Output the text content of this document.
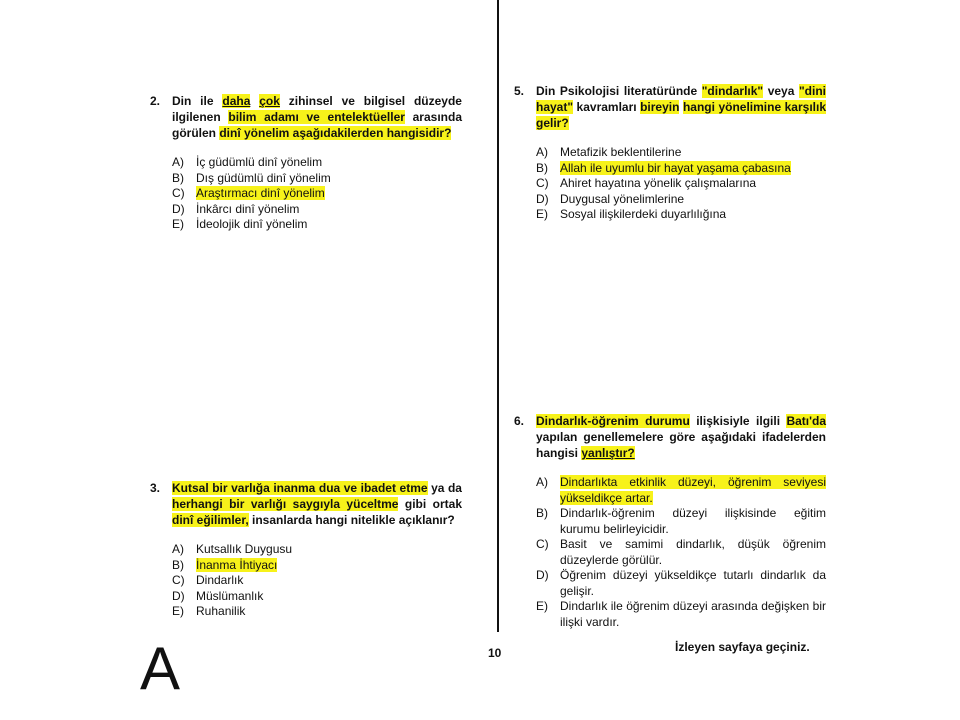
2. Din ile daha çok zihinsel ve bilgisel düzeyde ilgilenen bilim adamı ve entelektüeller arasında görülen dinî yönelim aşağıdakilerden hangisidir?
A) İç güdümlü dinî yönelim
B) Dış güdümlü dinî yönelim
C) Araştırmacı dinî yönelim
D) İnkârcı dinî yönelim
E) İdeolojik dinî yönelim
3. Kutsal bir varlığa inanma dua ve ibadet etme ya da herhangi bir varlığı saygıyla yüceltme gibi ortak dinî eğilimler, insanlarda hangi nitelikle açıklanır?
A) Kutsallık Duygusu
B) İnanma İhtiyacı
C) Dindarlık
D) Müslümanlık
E) Ruhanilik
5. Din Psikolojisi literatüründe "dindarlık" veya "dini hayat" kavramları bireyin hangi yönelimine karşılık gelir?
A) Metafizik beklentilerine
B) Allah ile uyumlu bir hayat yaşama çabasına
C) Ahiret hayatına yönelik çalışmalarına
D) Duygusal yönelimlerine
E) Sosyal ilişkilerdeki duyarlılığına
6. Dindarlık-öğrenim durumu ilişkisiyle ilgili Batı'da yapılan genellemelere göre aşağıdaki ifadelerden hangisi yanlıştır?
A) Dindarlıkta etkinlik düzeyi, öğrenim seviyesi yükseldikçe artar.
B) Dindarlık-öğrenim düzeyi ilişkisinde eğitim kurumu belirleyicidir.
C) Basit ve samimi dindarlık, düşük öğrenim düzeylerde görülür.
D) Öğrenim düzeyi yükseldikçe tutarlı dindarlık da gelişir.
E) Dindarlık ile öğrenim düzeyi arasında değişken bir ilişki vardır.
A	10	İzleyen sayfaya geçiniz.
